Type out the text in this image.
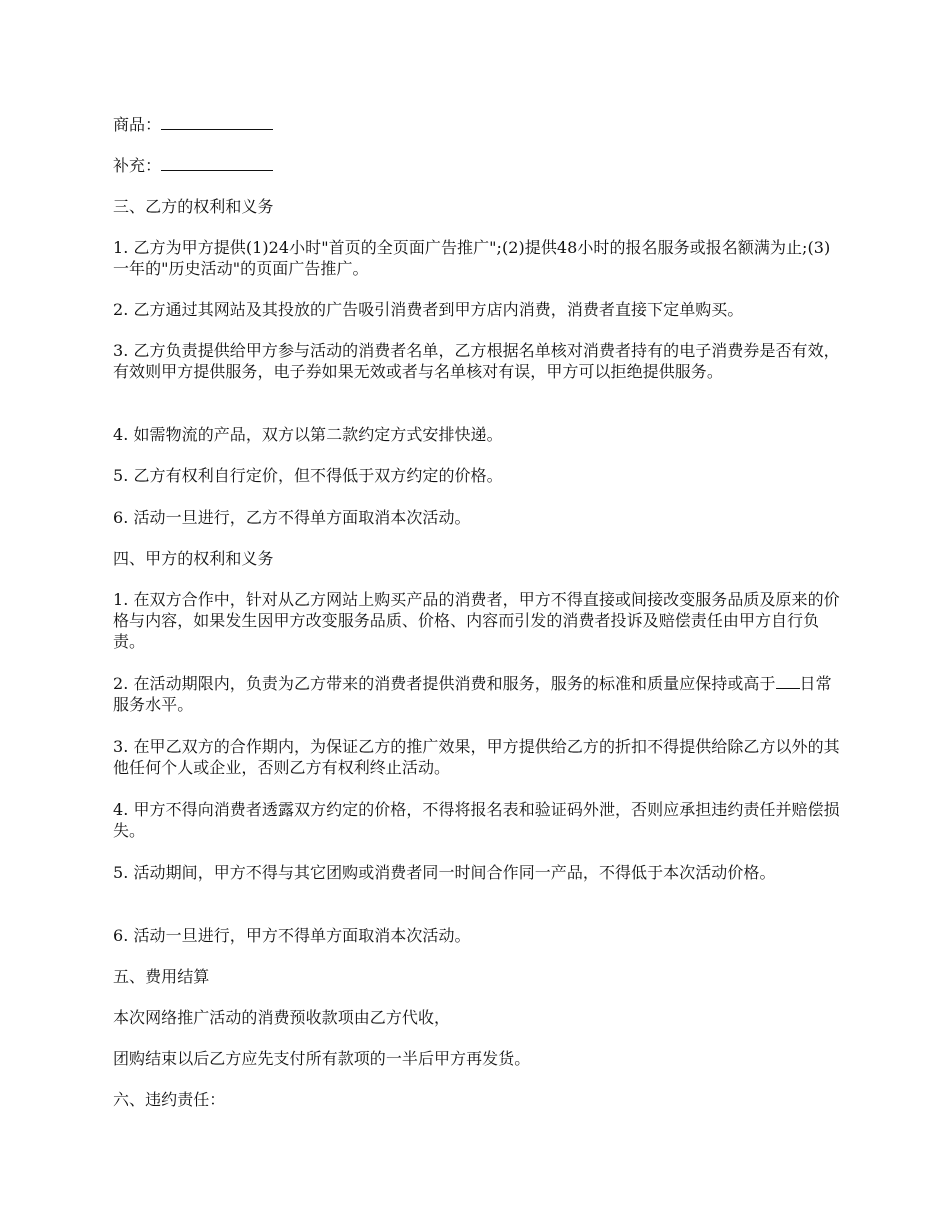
商品：

补充：

三、乙方的权利和义务

1. 乙方为甲方提供(1)24小时"首页的全页面广告推广";(2)提供48小时的报名服务或报名额满为止;(3)一年的"历史活动"的页面广告推广。

2. 乙方通过其网站及其投放的广告吸引消费者到甲方店内消费，消费者直接下定单购买。

3. 乙方负责提供给甲方参与活动的消费者名单，乙方根据名单核对消费者持有的电子消费券是否有效，有效则甲方提供服务，电子券如果无效或者与名单核对有误，甲方可以拒绝提供服务。

4. 如需物流的产品，双方以第二款约定方式安排快递。

5. 乙方有权利自行定价，但不得低于双方约定的价格。

6. 活动一旦进行，乙方不得单方面取消本次活动。

四、甲方的权利和义务

1. 在双方合作中，针对从乙方网站上购买产品的消费者，甲方不得直接或间接改变服务品质及原来的价格与内容，如果发生因甲方改变服务品质、价格、内容而引发的消费者投诉及赔偿责任由甲方自行负责。

2. 在活动期限内，负责为乙方带来的消费者提供消费和服务，服务的标准和质量应保持或高于 日常服务水平。

3. 在甲乙双方的合作期内，为保证乙方的推广效果，甲方提供给乙方的折扣不得提供给除乙方以外的其他任何个人或企业，否则乙方有权利终止活动。

4. 甲方不得向消费者透露双方约定的价格，不得将报名表和验证码外泄，否则应承担违约责任并赔偿损失。

5. 活动期间，甲方不得与其它团购或消费者同一时间合作同一产品，不得低于本次活动价格。

6. 活动一旦进行，甲方不得单方面取消本次活动。

五、费用结算

本次网络推广活动的消费预收款项由乙方代收，

团购结束以后乙方应先支付所有款项的一半后甲方再发货。

六、违约责任：
